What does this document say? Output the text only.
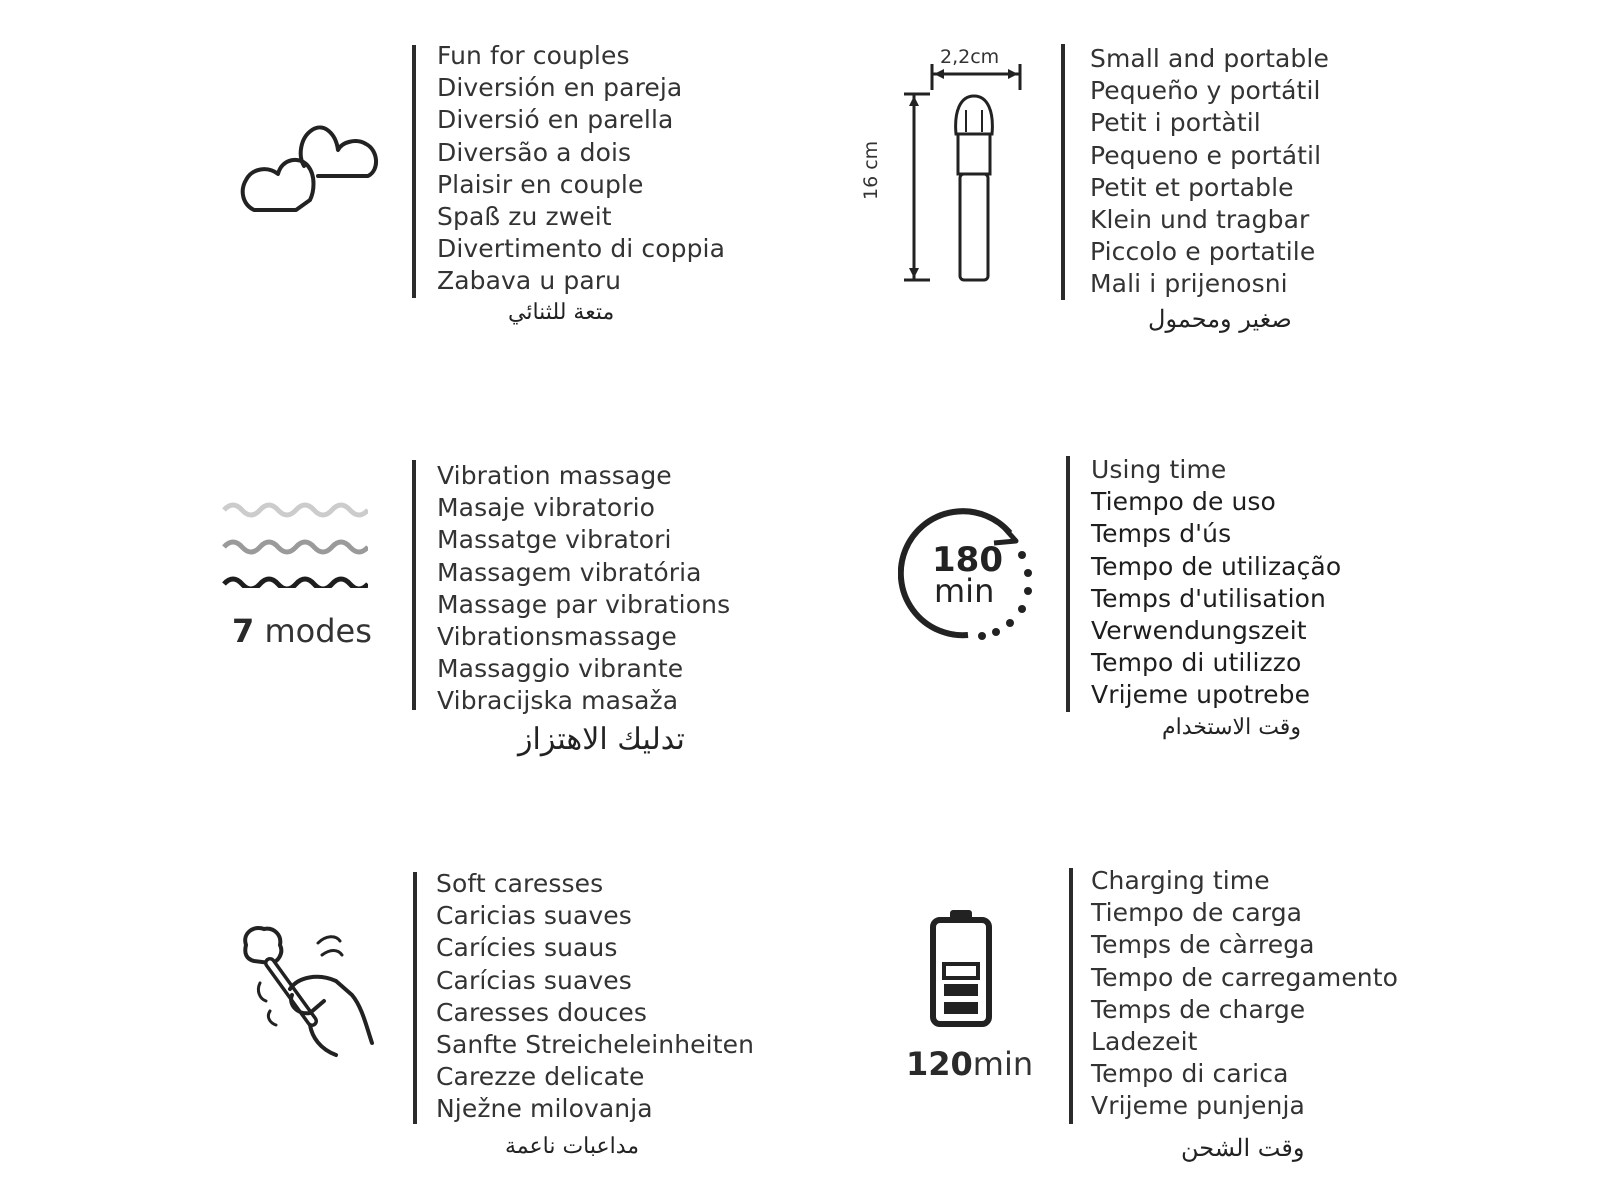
Fun for couples
Diversión en pareja
Diversió en parella
Diversão a dois
Plaisir en couple
Spaß zu zweit
Divertimento di coppia
Zabava u paru
متعة للثنائي
2,2cm
16 cm
Small and portable
Pequeño y portátil
Petit i portàtil
Pequeno e portátil
Petit et portable
Klein und tragbar
Piccolo e portatile
Mali i prijenosni
صغير ومحمول
7 modes
Vibration massage
Masaje vibratorio
Massatge vibratori
Massagem vibratória
Massage par vibrations
Vibrationsmassage
Massaggio vibrante
Vibracijska masaža
تدليك الاهتزاز
180
min
Using time
Tiempo de uso
Temps d'ús
Tempo de utilização
Temps d'utilisation
Verwendungszeit
Tempo di utilizzo
Vrijeme upotrebe
وقت الاستخدام
Soft caresses
Caricias suaves
Carícies suaus
Carícias suaves
Caresses douces
Sanfte Streicheleinheiten
Carezze delicate
Nježne milovanja
مداعبات ناعمة
120min
Charging time
Tiempo de carga
Temps de càrrega
Tempo de carregamento
Temps de charge
Ladezeit
Tempo di carica
Vrijeme punjenja
وقت الشحن
